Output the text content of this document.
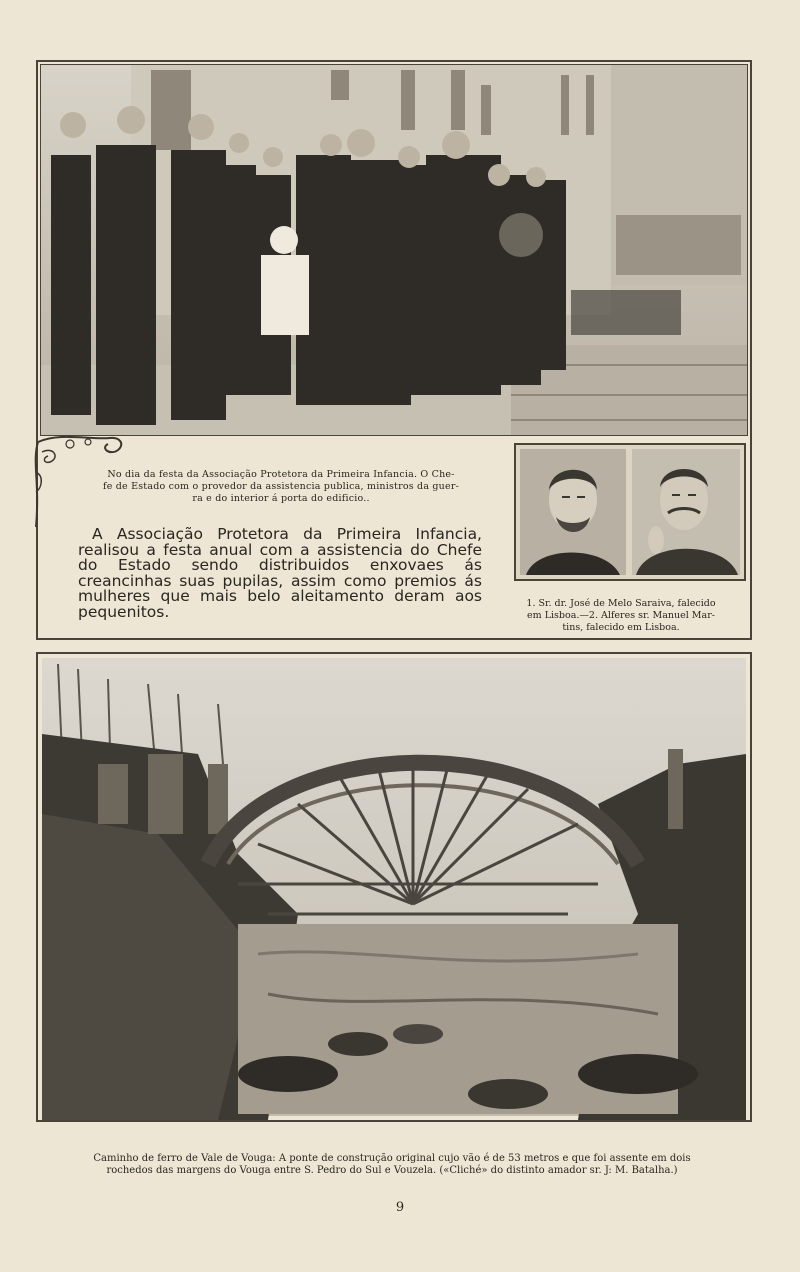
No dia da festa da Associação Protetora da Primeira Infancia. O Che-
fe de Estado com o provedor da assistencia publica, ministros da guer-
ra e do interior á porta do edificio..
A Associação Protetora da Primeira Infancia, realisou a festa anual com a assistencia do Chefe do Estado sendo distribuidos enxovaes ás creancinhas suas pupilas, assim como premios ás mulheres que mais belo aleitamento deram aos pequenitos.	1. Sr. dr. José de Melo Saraiva, falecido
em Lisboa.—2. Alferes sr. Manuel Mar-
tins, falecido em Lisboa.
Caminho de ferro de Vale de Vouga: A ponte de construção original cujo vão é de 53 metros e que foi assente em dois
rochedos das margens do Vouga entre S. Pedro do Sul e Vouzela. («Cliché» do distinto amador sr. J: M. Batalha.)
9
